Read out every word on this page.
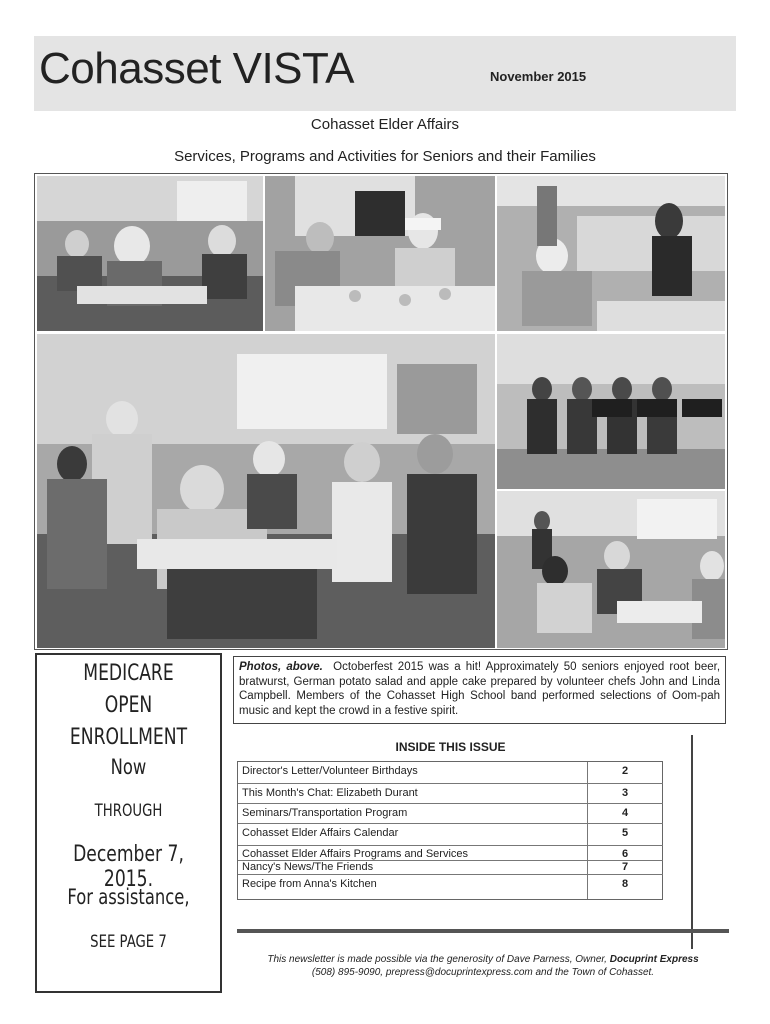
Cohasset VISTA	November 2015
Cohasset Elder Affairs
Services, Programs and Activities for Seniors and their Families
MEDICARE
OPEN
ENROLLMENT
Now
THROUGH
December 7, 2015.
For assistance,
SEE PAGE 7
Photos, above. Octoberfest 2015 was a hit! Approximately 50 seniors enjoyed root beer, bratwurst, German potato salad and apple cake prepared by volunteer chefs John and Linda Campbell. Members of the Cohasset High School band performed selections of Oom-pah music and kept the crowd in a festive spirit.
INSIDE THIS ISSUE
Director's Letter/Volunteer Birthdays	2
This Month's Chat: Elizabeth Durant	3
Seminars/Transportation Program	4
Cohasset Elder Affairs Calendar	5
Cohasset Elder Affairs Programs and Services	6
Nancy's News/The Friends	7
Recipe from Anna's Kitchen	8
This newsletter is made possible via the generosity of Dave Parness, Owner, Docuprint Express
(508) 895-9090, prepress@docuprintexpress.com and the Town of Cohasset.
